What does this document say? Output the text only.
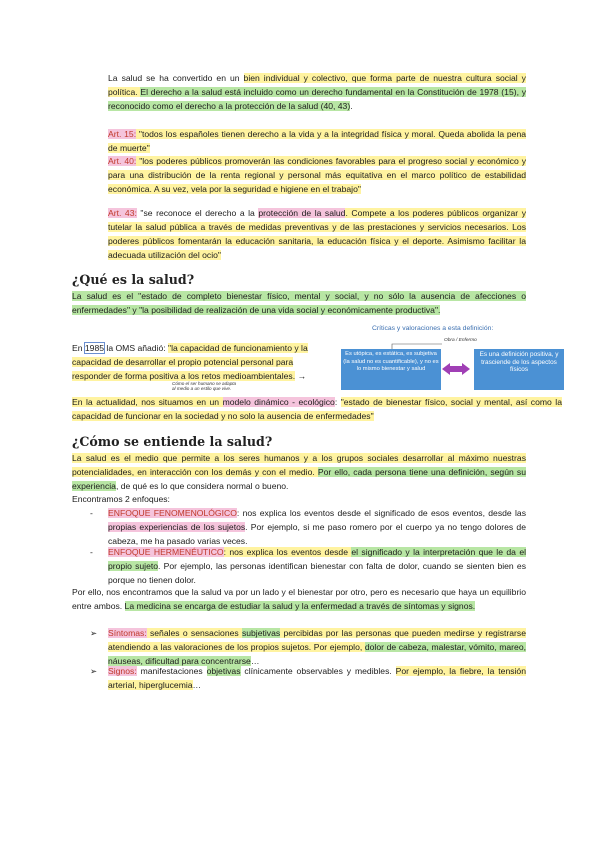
La salud se ha convertido en un bien individual y colectivo, que forma parte de nuestra cultura social y política. El derecho a la salud está incluido como un derecho fundamental en la Constitución de 1978 (15), y reconocido como el derecho a la protección de la salud (40, 43).
Art. 15: "todos los españoles tienen derecho a la vida y a la integridad física y moral. Queda abolida la pena de muerte"
Art. 40: "los poderes públicos promoverán las condiciones favorables para el progreso social y económico y para una distribución de la renta regional y personal más equitativa en el marco político de estabilidad económica. A su vez, vela por la seguridad e higiene en el trabajo"
Art. 43: "se reconoce el derecho a la protección de la salud. Compete a los poderes públicos organizar y tutelar la salud pública a través de medidas preventivas y de las prestaciones y servicios necesarios. Los poderes públicos fomentarán la educación sanitaria, la educación física y el deporte. Asimismo facilitar la adecuada utilización del ocio"
¿Qué es la salud?
La salud es el "estado de completo bienestar físico, mental y social, y no sólo la ausencia de afecciones o enfermedades" y "la posibilidad de realización de una vida social y económicamente productiva".
En 1985 la OMS añadió: "la capacidad de funcionamiento y la capacidad de desarrollar el propio potencial personal para responder de forma positiva a los retos medioambientales. →
Cómo el ser humano se adapta
al medio a un estilo que vive.
Críticas y valoraciones a esta definición:
Obra / Enfermo
Es utópica, es estática, es subjetiva (la salud no es cuantificable), y no es lo mismo bienestar y salud
Es una definición positiva, y trasciende de los aspectos físicos
En la actualidad, nos situamos en un modelo dinámico - ecológico: "estado de bienestar físico, social y mental, así como la capacidad de funcionar en la sociedad y no solo la ausencia de enfermedades"
¿Cómo se entiende la salud?
La salud es el medio que permite a los seres humanos y a los grupos sociales desarrollar al máximo nuestras potencialidades, en interacción con los demás y con el medio. Por ello, cada persona tiene una definición, según su experiencia, de qué es lo que considera normal o bueno.
Encontramos 2 enfoques:
-	ENFOQUE FENOMENOLÓGICO: nos explica los eventos desde el significado de esos eventos, desde las propias experiencias de los sujetos. Por ejemplo, si me paso romero por el cuerpo ya no tengo dolores de cabeza, me ha pasado varias veces.
-	ENFOQUE HERMENÉUTICO: nos explica los eventos desde el significado y la interpretación que le da el propio sujeto. Por ejemplo, las personas identifican bienestar con falta de dolor, cuando se sienten bien es porque no tienen dolor.
Por ello, nos encontramos que la salud va por un lado y el bienestar por otro, pero es necesario que haya un equilibrio entre ambos. La medicina se encarga de estudiar la salud y la enfermedad a través de síntomas y signos.
➢	Síntomas: señales o sensaciones subjetivas percibidas por las personas que pueden medirse y registrarse atendiendo a las valoraciones de los propios sujetos. Por ejemplo, dolor de cabeza, malestar, vómito, mareo, náuseas, dificultad para concentrarse…
➢	Signos: manifestaciones objetivas clínicamente observables y medibles. Por ejemplo, la fiebre, la tensión arterial, hiperglucemia…
